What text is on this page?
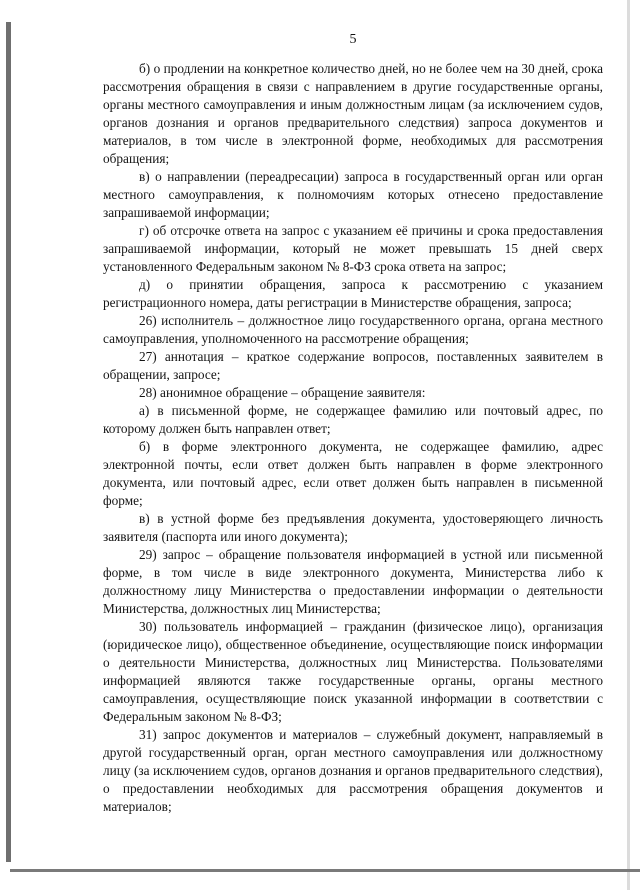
5

б) о продлении на конкретное количество дней, но не более чем на 30 дней, срока рассмотрения обращения в связи с направлением в другие государственные органы, органы местного самоуправления и иным должностным лицам (за исключением судов, органов дознания и органов предварительного следствия) запроса документов и материалов, в том числе в электронной форме, необходимых для рассмотрения обращения;

в) о направлении (переадресации) запроса в государственный орган или орган местного самоуправления, к полномочиям которых отнесено предоставление запрашиваемой информации;

г) об отсрочке ответа на запрос с указанием её причины и срока предоставления запрашиваемой информации, который не может превышать 15 дней сверх установленного Федеральным законом № 8-ФЗ срока ответа на запрос;

д) о принятии обращения, запроса к рассмотрению с указанием регистрационного номера, даты регистрации в Министерстве обращения, запроса;

26) исполнитель – должностное лицо государственного органа, органа местного самоуправления, уполномоченного на рассмотрение обращения;

27) аннотация – краткое содержание вопросов, поставленных заявителем в обращении, запросе;

28) анонимное обращение – обращение заявителя:

а) в письменной форме, не содержащее фамилию или почтовый адрес, по которому должен быть направлен ответ;

б) в форме электронного документа, не содержащее фамилию, адрес электронной почты, если ответ должен быть направлен в форме электронного документа, или почтовый адрес, если ответ должен быть направлен в письменной форме;

в) в устной форме без предъявления документа, удостоверяющего личность заявителя (паспорта или иного документа);

29) запрос – обращение пользователя информацией в устной или письменной форме, в том числе в виде электронного документа, Министерства либо к должностному лицу Министерства о предоставлении информации о деятельности Министерства, должностных лиц Министерства;

30) пользователь информацией – гражданин (физическое лицо), организация (юридическое лицо), общественное объединение, осуществляющие поиск информации о деятельности Министерства, должностных лиц Министерства. Пользователями информацией являются также государственные органы, органы местного самоуправления, осуществляющие поиск указанной информации в соответствии с Федеральным законом № 8-ФЗ;

31) запрос документов и материалов – служебный документ, направляемый в другой государственный орган, орган местного самоуправления или должностному лицу (за исключением судов, органов дознания и органов предварительного следствия), о предоставлении необходимых для рассмотрения обращения документов и материалов;
